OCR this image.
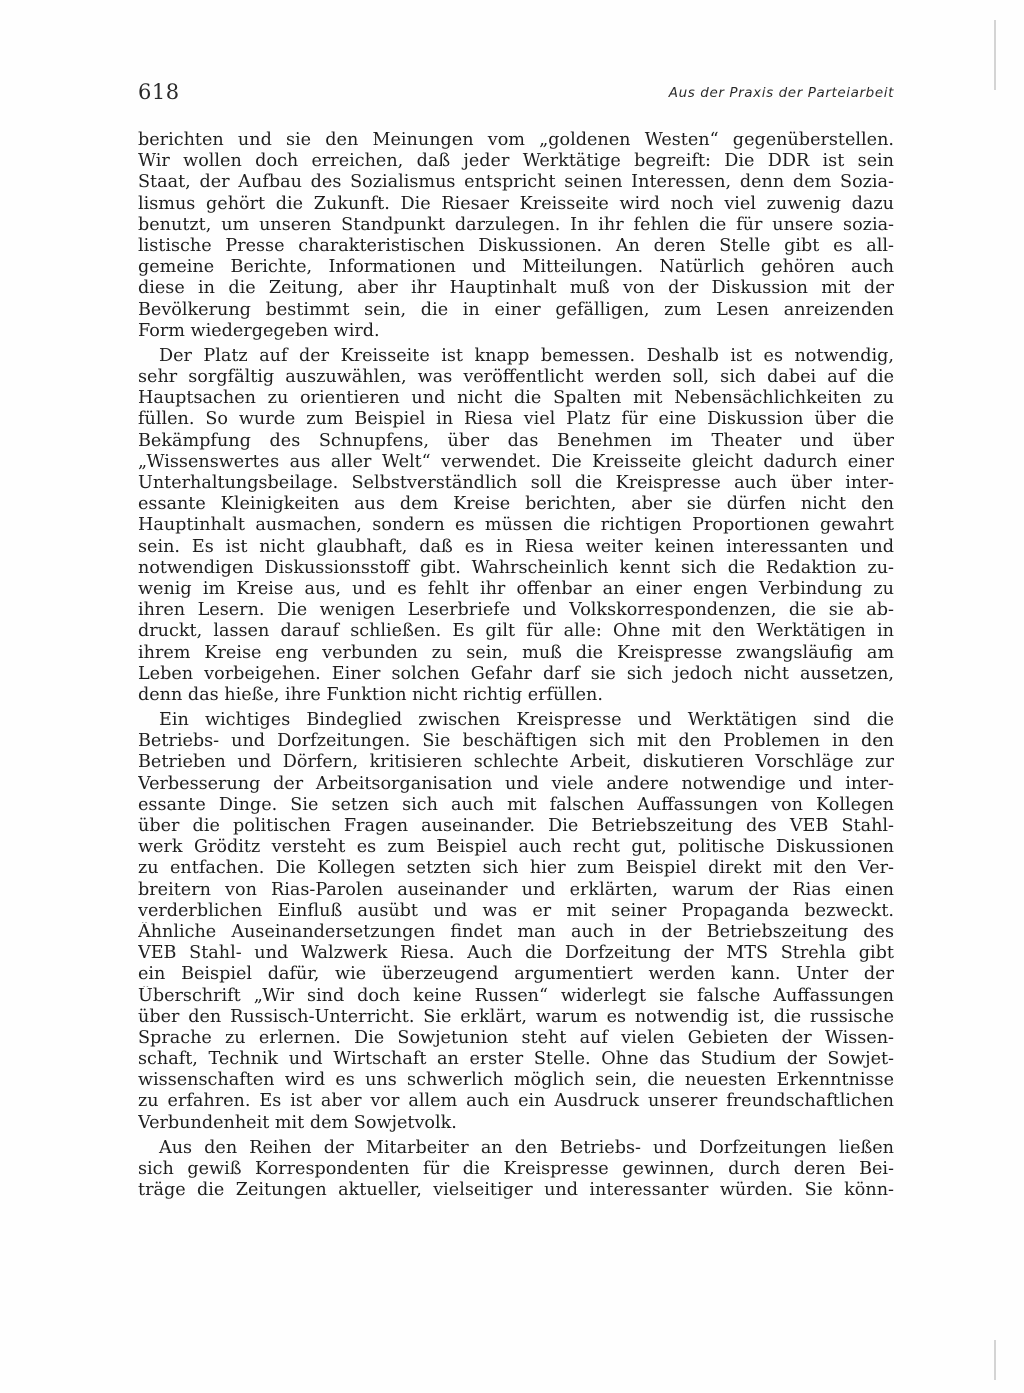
618	Aus der Praxis der Parteiarbeit
berichten und sie den Meinungen vom „goldenen Westen“ gegenüberstellen.
Wir wollen doch erreichen, daß jeder Werktätige begreift: Die DDR ist sein
Staat, der Aufbau des Sozialismus entspricht seinen Interessen, denn dem Sozia-
lismus gehört die Zukunft. Die Riesaer Kreisseite wird noch viel zuwenig dazu
benutzt, um unseren Standpunkt darzulegen. In ihr fehlen die für unsere sozia-
listische Presse charakteristischen Diskussionen. An deren Stelle gibt es all-
gemeine Berichte, Informationen und Mitteilungen. Natürlich gehören auch
diese in die Zeitung, aber ihr Hauptinhalt muß von der Diskussion mit der
Bevölkerung bestimmt sein, die in einer gefälligen, zum Lesen anreizenden
Form wiedergegeben wird.
Der Platz auf der Kreisseite ist knapp bemessen. Deshalb ist es notwendig,
sehr sorgfältig auszuwählen, was veröffentlicht werden soll, sich dabei auf die
Hauptsachen zu orientieren und nicht die Spalten mit Nebensächlichkeiten zu
füllen. So wurde zum Beispiel in Riesa viel Platz für eine Diskussion über die
Bekämpfung des Schnupfens, über das Benehmen im Theater und über
„Wissenswertes aus aller Welt“ verwendet. Die Kreisseite gleicht dadurch einer
Unterhaltungsbeilage. Selbstverständlich soll die Kreispresse auch über inter-
essante Kleinigkeiten aus dem Kreise berichten, aber sie dürfen nicht den
Hauptinhalt ausmachen, sondern es müssen die richtigen Proportionen gewahrt
sein. Es ist nicht glaubhaft, daß es in Riesa weiter keinen interessanten und
notwendigen Diskussionsstoff gibt. Wahrscheinlich kennt sich die Redaktion zu-
wenig im Kreise aus, und es fehlt ihr offenbar an einer engen Verbindung zu
ihren Lesern. Die wenigen Leserbriefe und Volkskorrespondenzen, die sie ab-
druckt, lassen darauf schließen. Es gilt für alle: Ohne mit den Werktätigen in
ihrem Kreise eng verbunden zu sein, muß die Kreispresse zwangsläufig am
Leben vorbeigehen. Einer solchen Gefahr darf sie sich jedoch nicht aussetzen,
denn das hieße, ihre Funktion nicht richtig erfüllen.
Ein wichtiges Bindeglied zwischen Kreispresse und Werktätigen sind die
Betriebs- und Dorfzeitungen. Sie beschäftigen sich mit den Problemen in den
Betrieben und Dörfern, kritisieren schlechte Arbeit, diskutieren Vorschläge zur
Verbesserung der Arbeitsorganisation und viele andere notwendige und inter-
essante Dinge. Sie setzen sich auch mit falschen Auffassungen von Kollegen
über die politischen Fragen auseinander. Die Betriebszeitung des VEB Stahl-
werk Gröditz versteht es zum Beispiel auch recht gut, politische Diskussionen
zu entfachen. Die Kollegen setzten sich hier zum Beispiel direkt mit den Ver-
breitern von Rias-Parolen auseinander und erklärten, warum der Rias einen
verderblichen Einfluß ausübt und was er mit seiner Propaganda bezweckt.
Ähnliche Auseinandersetzungen findet man auch in der Betriebszeitung des
VEB Stahl- und Walzwerk Riesa. Auch die Dorfzeitung der MTS Strehla gibt
ein Beispiel dafür, wie überzeugend argumentiert werden kann. Unter der
Überschrift „Wir sind doch keine Russen“ widerlegt sie falsche Auffassungen
über den Russisch-Unterricht. Sie erklärt, warum es notwendig ist, die russische
Sprache zu erlernen. Die Sowjetunion steht auf vielen Gebieten der Wissen-
schaft, Technik und Wirtschaft an erster Stelle. Ohne das Studium der Sowjet-
wissenschaften wird es uns schwerlich möglich sein, die neuesten Erkenntnisse
zu erfahren. Es ist aber vor allem auch ein Ausdruck unserer freundschaftlichen
Verbundenheit mit dem Sowjetvolk.
Aus den Reihen der Mitarbeiter an den Betriebs- und Dorfzeitungen ließen
sich gewiß Korrespondenten für die Kreispresse gewinnen, durch deren Bei-
träge die Zeitungen aktueller, vielseitiger und interessanter würden. Sie könn-
